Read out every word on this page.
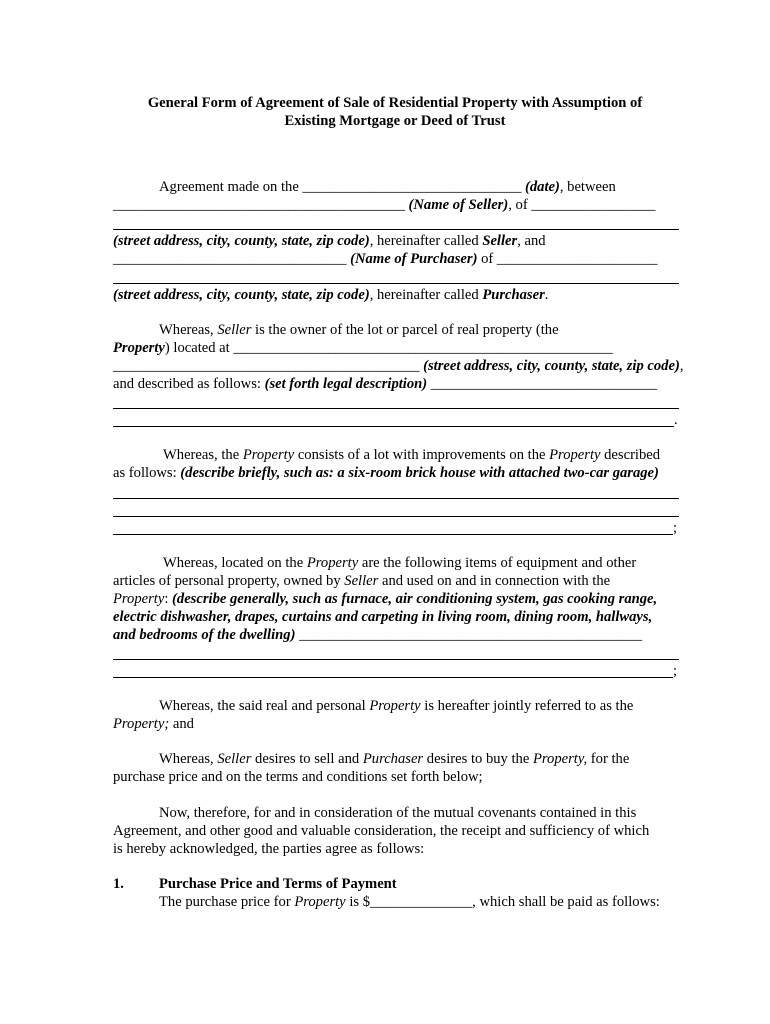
General Form of Agreement of Sale of Residential Property with Assumption of
Existing Mortgage or Deed of Trust
Agreement made on the ______________________________ (date), between
________________________________________ (Name of Seller), of _________________
(street address, city, county, state, zip code), hereinafter called Seller, and
________________________________ (Name of Purchaser) of ______________________
(street address, city, county, state, zip code), hereinafter called Purchaser.
Whereas, Seller is the owner of the lot or parcel of real property (the
Property) located at ____________________________________________________
__________________________________________ (street address, city, county, state, zip code),
and described as follows: (set forth legal description) _______________________________
.
Whereas, the Property consists of a lot with improvements on the Property described
as follows: (describe briefly, such as: a six-room brick house with attached two-car garage)
;
Whereas, located on the Property are the following items of equipment and other
articles of personal property, owned by Seller and used on and in connection with the
Property: (describe generally, such as furnace, air conditioning system, gas cooking range,
electric dishwasher, drapes, curtains and carpeting in living room, dining room, hallways,
and bedrooms of the dwelling) _______________________________________________
;
Whereas, the said real and personal Property is hereafter jointly referred to as the
Property; and
Whereas, Seller desires to sell and Purchaser desires to buy the Property, for the
purchase price and on the terms and conditions set forth below;
Now, therefore, for and in consideration of the mutual covenants contained in this
Agreement, and other good and valuable consideration, the receipt and sufficiency of which
is hereby acknowledged, the parties agree as follows:
1. Purchase Price and Terms of Payment
The purchase price for Property is $______________, which shall be paid as follows:
